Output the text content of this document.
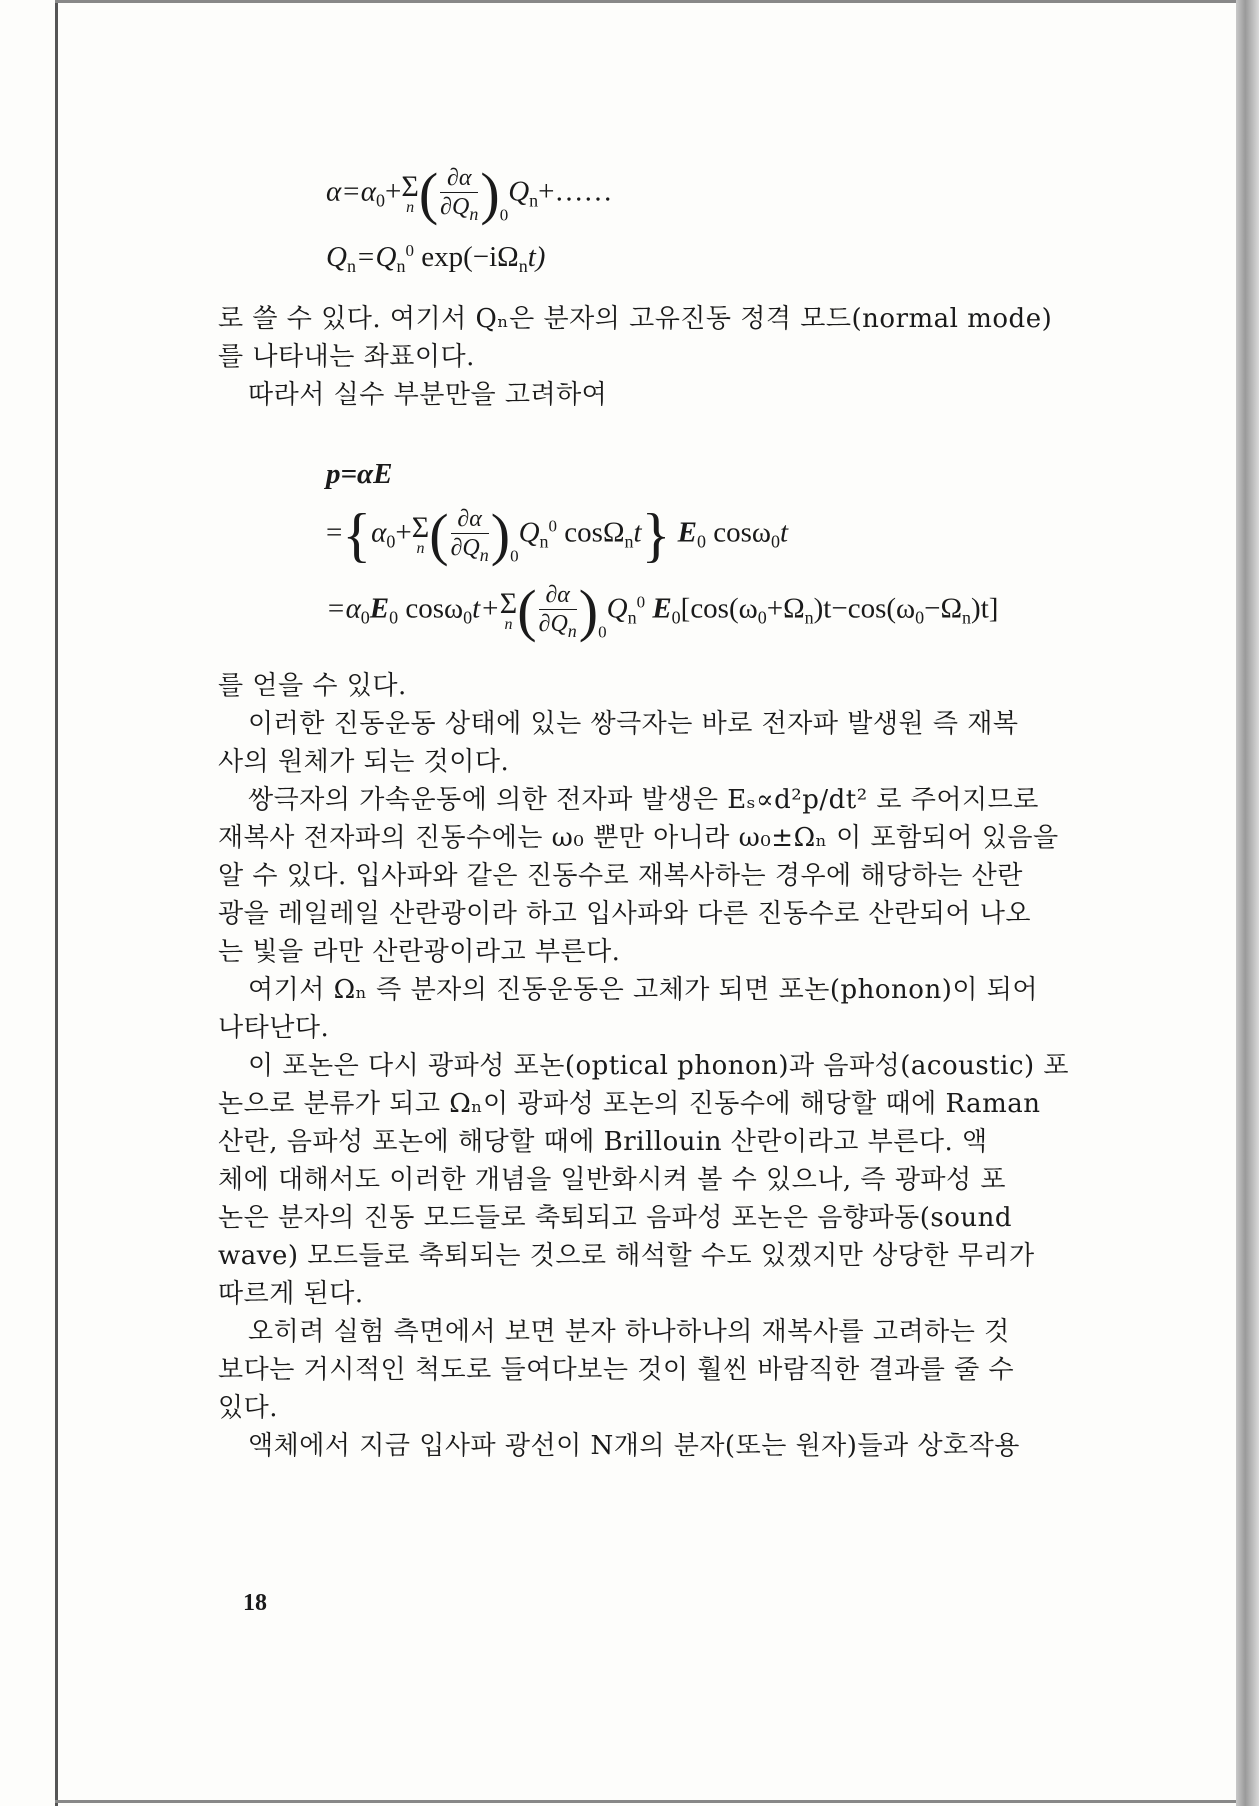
$\alpha=\alpha_0+\Sigma$
n ( $\frac{\partial\alpha}{\partial Q_n}$ )$_0Q_n+\dots\dots$
$Q_n=Q_n^0$ $\exp(-i\Omega_nt)$
로 쓸 수 있다. 여기서 Qₙ은 분자의 고유진동 정격 모드(normal mode)
를 나타내는 좌표이다.
따라서 실수 부분만을 고려하여
p=αE
$=\{\alpha_0+\Sigma$
n ( $\frac{\partial\alpha}{\partial Q_n} )_0Q_n^0$ cosΩ$_n$t} $E_0$ cosω$_0$t
$=\alpha_0E_0$ cosω$_0$t+Σ
n ( $\frac{\partial\alpha}{\partial Q_n} )_0Q_n^0$ $E_0[\cos(\omega_0+\Omega_n)t-\cos(\omega_0-\Omega_n)t]$
를 얻을 수 있다.
이러한 진동운동 상태에 있는 쌍극자는 바로 전자파 발생원 즉 재복
사의 원체가 되는 것이다.
쌍극자의 가속운동에 의한 전자파 발생은 Eₛ∝d²p/dt² 로 주어지므로
재복사 전자파의 진동수에는 ω₀ 뿐만 아니라 ω₀±Ωₙ 이 포함되어 있음을
알 수 있다. 입사파와 같은 진동수로 재복사하는 경우에 해당하는 산란
광을 레일레일 산란광이라 하고 입사파와 다른 진동수로 산란되어 나오
는 빛을 라만 산란광이라고 부른다.
여기서 Ωₙ 즉 분자의 진동운동은 고체가 되면 포논(phonon)이 되어
나타난다.
이 포논은 다시 광파성 포논(optical phonon)과 음파성(acoustic) 포
논으로 분류가 되고 Ωₙ이 광파성 포논의 진동수에 해당할 때에 Raman
산란, 음파성 포논에 해당할 때에 Brillouin 산란이라고 부른다. 액
체에 대해서도 이러한 개념을 일반화시켜 볼 수 있으나, 즉 광파성 포
논은 분자의 진동 모드들로 축퇴되고 음파성 포논은 음향파동(sound
wave) 모드들로 축퇴되는 것으로 해석할 수도 있겠지만 상당한 무리가
따르게 된다.
오히려 실험 측면에서 보면 분자 하나하나의 재복사를 고려하는 것
보다는 거시적인 척도로 들여다보는 것이 훨씬 바람직한 결과를 줄 수
있다.
액체에서 지금 입사파 광선이 N개의 분자(또는 원자)들과 상호작용
18
